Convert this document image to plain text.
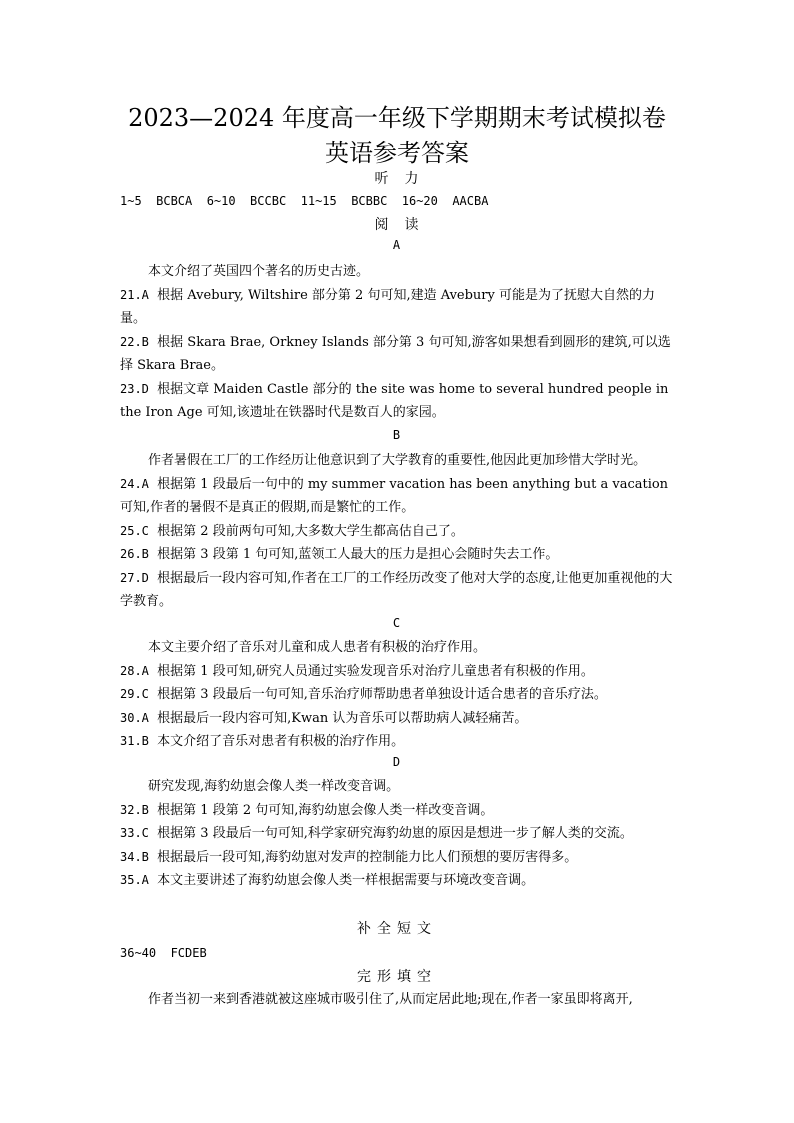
2023—2024 年度高一年级下学期期末考试模拟卷
英语参考答案
听　力
1~5  BCBCA  6~10  BCCBC  11~15  BCBBC  16~20  AACBA
阅　读
A
本文介绍了英国四个著名的历史古迹。
21.A 根据 Avebury, Wiltshire 部分第 2 句可知,建造 Avebury 可能是为了抚慰大自然的力量。
22.B 根据 Skara Brae, Orkney Islands 部分第 3 句可知,游客如果想看到圆形的建筑,可以选择 Skara Brae。
23.D 根据文章 Maiden Castle 部分的 the site was home to several hundred people in the Iron Age 可知,该遗址在铁器时代是数百人的家园。
B
作者暑假在工厂的工作经历让他意识到了大学教育的重要性,他因此更加珍惜大学时光。
24.A 根据第 1 段最后一句中的 my summer vacation has been anything but a vacation 可知,作者的暑假不是真正的假期,而是繁忙的工作。
25.C 根据第 2 段前两句可知,大多数大学生都高估自己了。
26.B 根据第 3 段第 1 句可知,蓝领工人最大的压力是担心会随时失去工作。
27.D 根据最后一段内容可知,作者在工厂的工作经历改变了他对大学的态度,让他更加重视他的大学教育。
C
本文主要介绍了音乐对儿童和成人患者有积极的治疗作用。
28.A 根据第 1 段可知,研究人员通过实验发现音乐对治疗儿童患者有积极的作用。
29.C 根据第 3 段最后一句可知,音乐治疗师帮助患者单独设计适合患者的音乐疗法。
30.A 根据最后一段内容可知,Kwan 认为音乐可以帮助病人减轻痛苦。
31.B 本文介绍了音乐对患者有积极的治疗作用。
D
研究发现,海豹幼崽会像人类一样改变音调。
32.B 根据第 1 段第 2 句可知,海豹幼崽会像人类一样改变音调。
33.C 根据第 3 段最后一句可知,科学家研究海豹幼崽的原因是想进一步了解人类的交流。
34.B 根据最后一段可知,海豹幼崽对发声的控制能力比人们预想的要厉害得多。
35.A 本文主要讲述了海豹幼崽会像人类一样根据需要与环境改变音调。
补全短文
36~40  FCDEB
完形填空
作者当初一来到香港就被这座城市吸引住了,从而定居此地;现在,作者一家虽即将离开,
